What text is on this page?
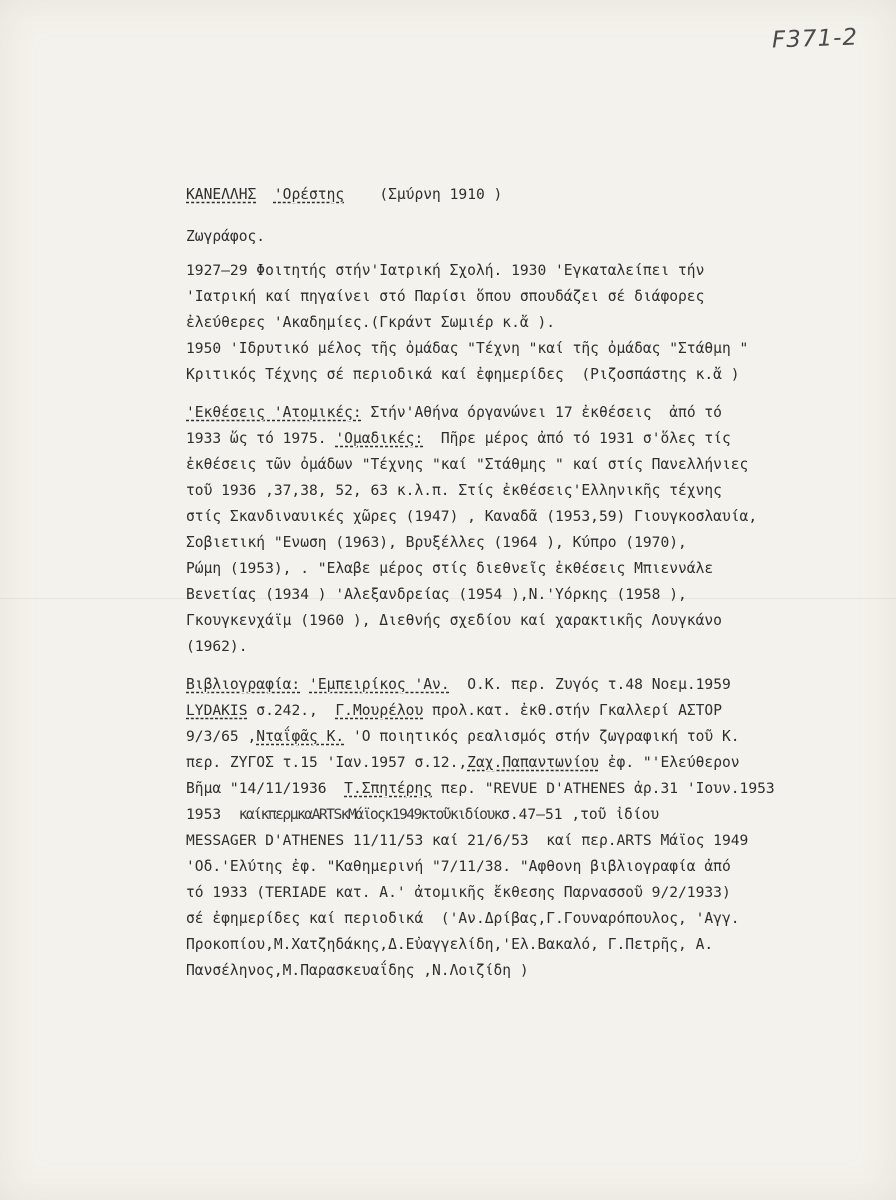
F371-2
ΚΑΝΕΛΛΗΣ 'Ορέστης (Σμύρνη 1910 )
Ζωγράφος.
1927–29 Φοιτητής στήν'Ιατρική Σχολή. 1930 'Εγκαταλείπει τήν
'Ιατρική καί πηγαίνει στό Παρίσι ὅπου σπουδάζει σέ διάφορες
ἐλεύθερες 'Ακαδημίες.(Γκράντ Σωμιέρ κ.ἄ ).
1950 'Ιδρυτικό μέλος τῆς ὀμάδας "Τέχνη "καί τῆς ὀμάδας "Στάθμη "
Κριτικός Τέχνης σέ περιοδικά καί ἐφημερίδες  (Ριζοσπάστης κ.ἄ )
'Εκθέσεις 'Ατομικές: Στήν'Αθήνα όργανώνει 17 ἐκθέσεις  ἀπό τό
1933 ὥς τό 1975. 'Ομαδικές:  Πῆρε μέρος ἀπό τό 1931 σ'ὅλες τίς
ἐκθέσεις τῶν ὀμάδων "Τέχνης "καί "Στάθμης " καί στίς Πανελλήνιες
τοῦ 1936 ,37,38, 52, 63 κ.λ.π. Στίς ἐκθέσεις'Ελληνικῆς τέχνης
στίς Σκανδιναυικές χῶρες (1947) , Καναδᾶ (1953,59) Γιουγκοσλαυία,
Σοβιετική "Ενωση (1963), Βρυξέλλες (1964 ), Κύπρο (1970),
Ρώμη (1953), . "Ελαβε μέρος στίς διεθνεῖς ἐκθέσεις Μπιεννάλε
Βενετίας (1934 ) 'Αλεξανδρείας (1954 ),Ν.'Υόρκης (1958 ),
Γκουγκενχάϊμ (1960 ), Διεθνής σχεδίου καί χαρακτικῆς Λουγκάνο
(1962).
Βιβλιογραφία: 'Εμπειρίκος 'Αν.  Ο.Κ. περ. Ζυγός τ.48 Νοεμ.1959
LYDAKIS σ.242.,  Γ.Μουρέλου προλ.κατ. ἐκθ.στήν Γκαλλερί ΑΣΤΟΡ
9/3/65 ,Νταΐφᾶς Κ. 'Ο ποιητικός ρεαλισμός στήν ζωγραφική τοῦ Κ.
περ. ΖΥΓΟΣ τ.15 'Ιαν.1957 σ.12.,Ζαχ.Παπαντωνίου ἐφ. "'Ελεύθερον
Βῆμα "14/11/1936  Τ.Σπητέρης περ. "REVUE D'ATHENES ἀρ.31 'Ιουν.1953
1953  καίκπερμκαARTSκMάϊοςκ1949κτοῦκιδίουκσ.47–51 ,τοῦ ἰδίου
MESSAGER D'ATHENES 11/11/53 καί 21/6/53  καί περ.ARTS Μάϊος 1949
'Οδ.'Ελύτης ἐφ. "Καθημερινή "7/11/38. "Αφθονη βιβλιογραφία ἀπό
τό 1933 (TERIADE κατ. Α.' ἀτομικῆς ἔκθεσης Παρνασσοῦ 9/2/1933)
σέ ἐφημερίδες καί περιοδικά  ('Αν.Δρίβας,Γ.Γουναρόπουλος, 'Αγγ.
Προκοπίου,Μ.Χατζηδάκης,Δ.Εὐαγγελίδη,'Ελ.Βακαλό, Γ.Πετρῆς, Α.
Πανσέληνος,Μ.Παρασκευαΐδης ,Ν.Λοιζίδη )
